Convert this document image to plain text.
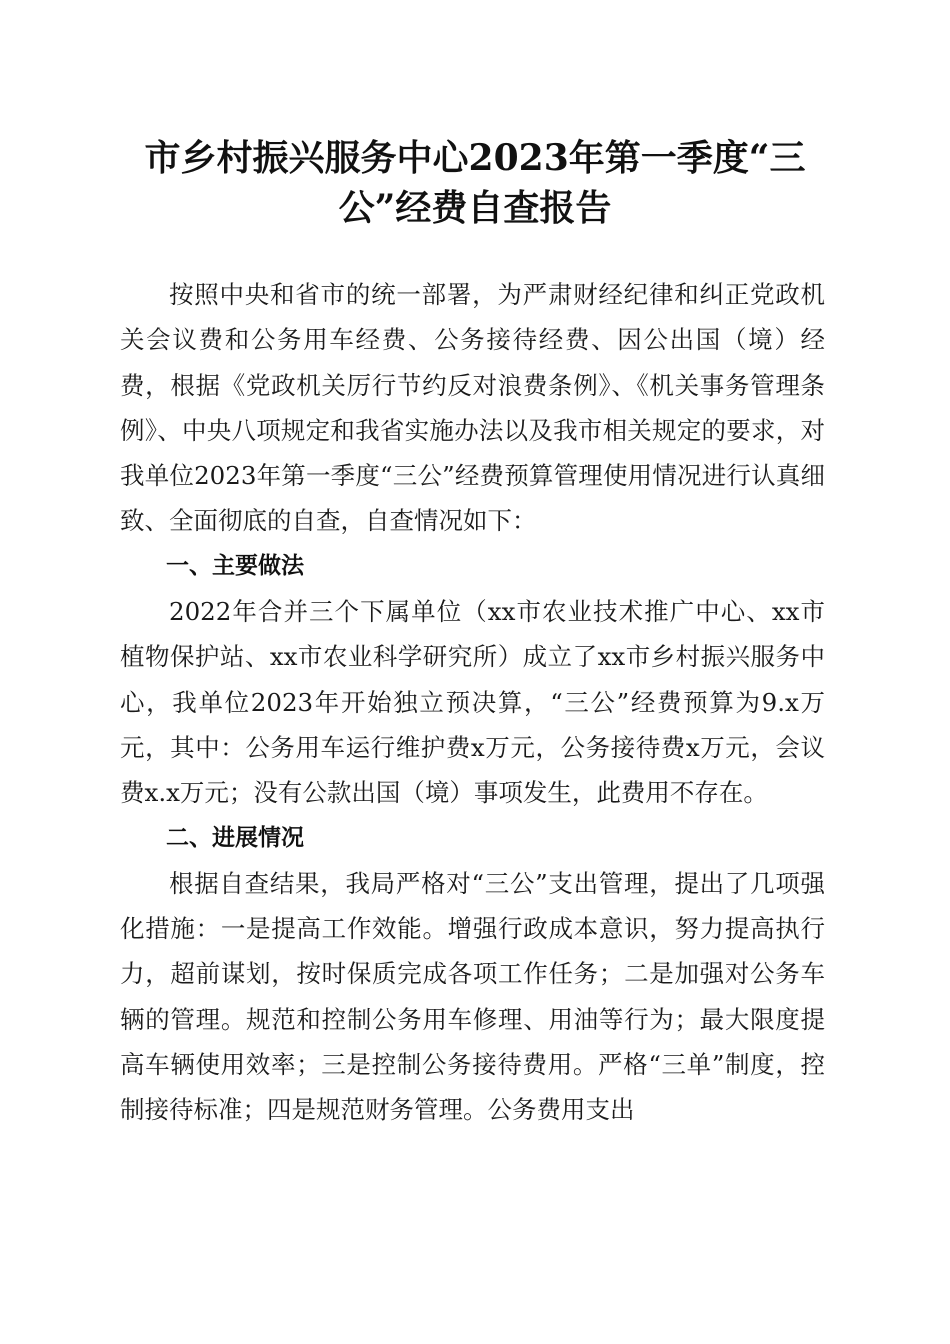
市乡村振兴服务中心2023年第一季度“三公”经费自查报告

按照中央和省市的统一部署，为严肃财经纪律和纠正党政机关会议费和公务用车经费、公务接待经费、因公出国（境）经费，根据《党政机关厉行节约反对浪费条例》、《机关事务管理条例》、中央八项规定和我省实施办法以及我市相关规定的要求，对我单位2023年第一季度“三公”经费预算管理使用情况进行认真细致、全面彻底的自查，自查情况如下：

一、主要做法

2022年合并三个下属单位（xx市农业技术推广中心、xx市植物保护站、xx市农业科学研究所）成立了xx市乡村振兴服务中心，我单位2023年开始独立预决算，“三公”经费预算为9.x万元，其中：公务用车运行维护费x万元，公务接待费x万元，会议费x.x万元；没有公款出国（境）事项发生，此费用不存在。

二、进展情况

根据自查结果，我局严格对“三公”支出管理，提出了几项强化措施：一是提高工作效能。增强行政成本意识，努力提高执行力，超前谋划，按时保质完成各项工作任务；二是加强对公务车辆的管理。规范和控制公务用车修理、用油等行为；最大限度提高车辆使用效率；三是控制公务接待费用。严格“三单”制度，控制接待标准；四是规范财务管理。公务费用支出
